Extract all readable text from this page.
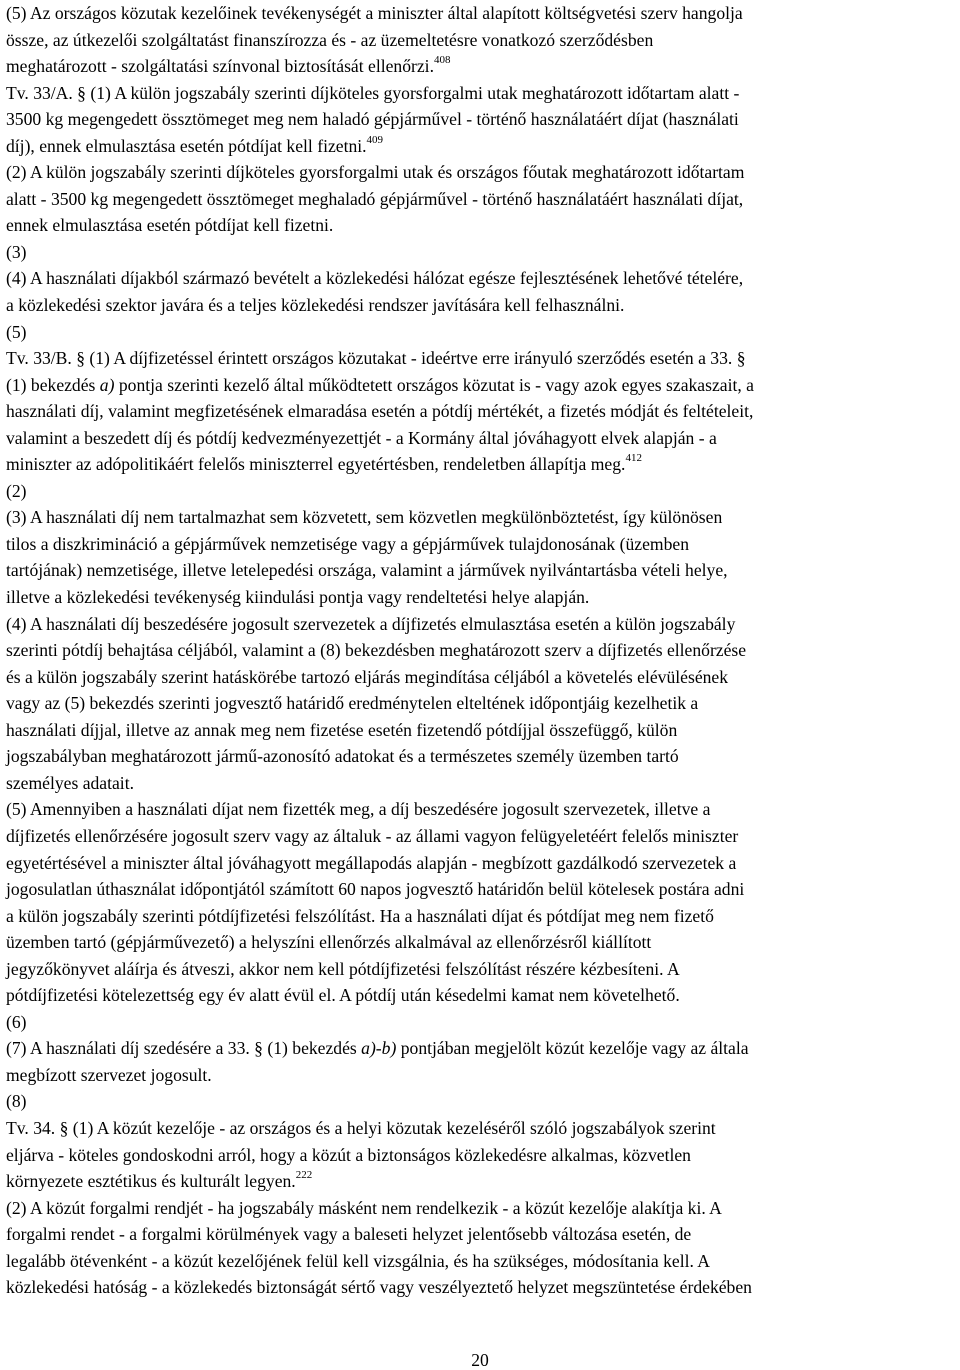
(5) Az országos közutak kezelőinek tevékenységét a miniszter által alapított költségvetési szerv hangolja
össze, az útkezelői szolgáltatást finanszírozza és - az üzemeltetésre vonatkozó szerződésben
meghatározott - szolgáltatási színvonal biztosítását ellenőrzi.$^{408}$
Tv. 33/A. § (1) A külön jogszabály szerinti díjköteles gyorsforgalmi utak meghatározott időtartam alatt -
3500 kg megengedett össztömeget meg nem haladó gépjárművel - történő használatáért díjat (használati
díj), ennek elmulasztása esetén pótdíjat kell fizetni.$^{409}$
(2) A külön jogszabály szerinti díjköteles gyorsforgalmi utak és országos főutak meghatározott időtartam
alatt - 3500 kg megengedett össztömeget meghaladó gépjárművel - történő használatáért használati díjat,
ennek elmulasztása esetén pótdíjat kell fizetni.
(3)
(4) A használati díjakból származó bevételt a közlekedési hálózat egésze fejlesztésének lehetővé tételére,
a közlekedési szektor javára és a teljes közlekedési rendszer javítására kell felhasználni.
(5)
Tv. 33/B. § (1) A díjfizetéssel érintett országos közutakat - ideértve erre irányuló szerződés esetén a 33. §
(1) bekezdés a) pontja szerinti kezelő által működtetett országos közutat is - vagy azok egyes szakaszait, a
használati díj, valamint megfizetésének elmaradása esetén a pótdíj mértékét, a fizetés módját és feltételeit,
valamint a beszedett díj és pótdíj kedvezményezettjét - a Kormány által jóváhagyott elvek alapján - a
miniszter az adópolitikáért felelős miniszterrel egyetértésben, rendeletben állapítja meg.$^{412}$
(2)
(3) A használati díj nem tartalmazhat sem közvetett, sem közvetlen megkülönböztetést, így különösen
tilos a diszkrimináció a gépjárművek nemzetisége vagy a gépjárművek tulajdonosának (üzemben
tartójának) nemzetisége, illetve letelepedési országa, valamint a járművek nyilvántartásba vételi helye,
illetve a közlekedési tevékenység kiindulási pontja vagy rendeltetési helye alapján.
(4) A használati díj beszedésére jogosult szervezetek a díjfizetés elmulasztása esetén a külön jogszabály
szerinti pótdíj behajtása céljából, valamint a (8) bekezdésben meghatározott szerv a díjfizetés ellenőrzése
és a külön jogszabály szerint hatáskörébe tartozó eljárás megindítása céljából a követelés elévülésének
vagy az (5) bekezdés szerinti jogvesztő határidő eredménytelen elteltének időpontjáig kezelhetik a
használati díjjal, illetve az annak meg nem fizetése esetén fizetendő pótdíjjal összefüggő, külön
jogszabályban meghatározott jármű-azonosító adatokat és a természetes személy üzemben tartó
személyes adatait.
(5) Amennyiben a használati díjat nem fizették meg, a díj beszedésére jogosult szervezetek, illetve a
díjfizetés ellenőrzésére jogosult szerv vagy az általuk - az állami vagyon felügyeletéért felelős miniszter
egyetértésével a miniszter által jóváhagyott megállapodás alapján - megbízott gazdálkodó szervezetek a
jogosulatlan úthasználat időpontjától számított 60 napos jogvesztő határidőn belül kötelesek postára adni
a külön jogszabály szerinti pótdíjfizetési felszólítást. Ha a használati díjat és pótdíjat meg nem fizető
üzemben tartó (gépjárművezető) a helyszíni ellenőrzés alkalmával az ellenőrzésről kiállított
jegyzőkönyvet aláírja és átveszi, akkor nem kell pótdíjfizetési felszólítást részére kézbesíteni. A
pótdíjfizetési kötelezettség egy év alatt évül el. A pótdíj után késedelmi kamat nem követelhető.
(6)
(7) A használati díj szedésére a 33. § (1) bekezdés a)-b) pontjában megjelölt közút kezelője vagy az általa
megbízott szervezet jogosult.
(8)
Tv. 34. § (1) A közút kezelője - az országos és a helyi közutak kezeléséről szóló jogszabályok szerint
eljárva - köteles gondoskodni arról, hogy a közút a biztonságos közlekedésre alkalmas, közvetlen
környezete esztétikus és kulturált legyen.$^{222}$
(2) A közút forgalmi rendjét - ha jogszabály másként nem rendelkezik - a közút kezelője alakítja ki. A
forgalmi rendet - a forgalmi körülmények vagy a baleseti helyzet jelentősebb változása esetén, de
legalább ötévenként - a közút kezelőjének felül kell vizsgálnia, és ha szükséges, módosítania kell. A
közlekedési hatóság - a közlekedés biztonságát sértő vagy veszélyeztető helyzet megszüntetése érdekében
20
